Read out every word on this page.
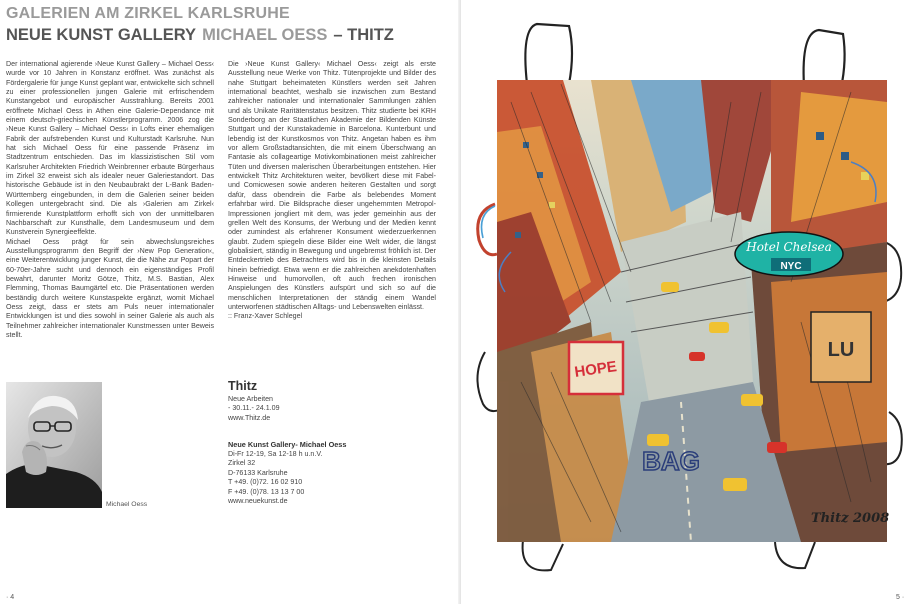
GALERIEN AM ZIRKEL KARLSRUHE
NEUE KUNST GALLERY MICHAEL OESS – THITZ

Der international agierende ›Neue Kunst Gallery – Michael Oess‹ wurde vor 10 Jahren in Konstanz eröffnet. Was zunächst als Fördergalerie für junge Kunst geplant war, entwickelte sich schnell zu einer professionellen jungen Galerie mit erfrischendem Kunstangebot und europäischer Ausstrahlung. Bereits 2001 eröffnete Michael Oess in Athen eine Galerie-Dependance mit einem deutsch-griechischen Künstlerprogramm. 2006 zog die ›Neue Kunst Gallery – Michael Oess‹ in Lofts einer ehemaligen Fabrik der aufstrebenden Kunst und Kulturstadt Karlsruhe. Nun hat sich Michael Oess für eine passende Präsenz im Stadtzentrum entschieden. Das im klassizistischen Stil vom Karlsruher Architekten Friedrich Weinbrenner erbaute Bürgerhaus im Zirkel 32 erweist sich als idealer neuer Galeriestandort. Das historische Gebäude ist in den Neubaubrakt der L-Bank Baden-Württemberg eingebunden, in dem die Galerien seiner beiden Kollegen untergebracht sind. Die als ›Galerien am Zirkel‹ firmierende Kunstplattform erhofft sich von der unmittelbaren Nachbarschaft zur Kunsthalle, dem Landesmuseum und dem Kunstverein Synergieeffekte.

Michael Oess prägt für sein abwechslungsreiches Ausstellungsprogramm den Begriff der ›New Pop Generation‹, eine Weiterentwicklung junger Kunst, die die Nähe zur Popart der 60-70er-Jahre sucht und dennoch ein eigenständiges Profil bewahrt, darunter Moritz Götze, Thitz, M.S. Bastian, Alex Flemming, Thomas Baumgärtel etc. Die Präsentationen werden beständig durch weitere Kunstaspekte ergänzt, womit Michael Oess zeigt, dass er stets am Puls neuer internationaler Entwicklungen ist und dies sowohl in seiner Galerie als auch als Teilnehmer zahlreicher internationaler Kunstmessen unter Beweis stellt.

Die ›Neue Kunst Gallery‹ Michael Oess‹ zeigt als erste Ausstellung neue Werke von Thitz. Tütenprojekte und Bilder des nahe Stuttgart beheimateten Künstlers werden seit Jahren international beachtet, weshalb sie inzwischen zum Bestand zahlreicher nationaler und internationaler Sammlungen zählen und als Unikate Raritätenstatus besitzen. Thitz studierte bei KRH Sonderborg an der Staatlichen Akademie der Bildenden Künste Stuttgart und der Kunstakademie in Barcelona. Kunterbunt und lebendig ist der Kunstkosmos von Thitz. Angetan haben es ihm vor allem Großstadtansichten, die mit einem Überschwang an Fantasie als collageartige Motivkombinationen meist zahlreicher Tüten und diversen malerischen Überarbeitungen entstehen. Hier entwickelt Thitz Architekturen weiter, bevölkert diese mit Fabel- und Comicwesen sowie anderen heiteren Gestalten und sorgt dafür, dass obendrein die Farbe als belebendes Moment erfahrbar wird. Die Bildsprache dieser ungehemmten Metropol-Impressionen jongliert mit dem, was jeder gemeinhin aus der grellen Welt des Konsums, der Werbung und der Medien kennt oder zumindest als erfahrener Konsument wiederzuerkennen glaubt. Zudem spiegeln diese Bilder eine Welt wider, die längst globalisiert, ständig in Bewegung und ungebremst fröhlich ist. Der Entdeckertrieb des Betrachters wird bis in die kleinsten Details hinein befriedigt. Etwa wenn er die zahlreichen anekdotenhaften Hinweise und humorvollen, oft auch frechen ironischen Anspielungen des Künstlers aufspürt und sich so auf die menschlichen Interpretationen der ständig einem Wandel unterworfenen städtischen Alltags- und Lebenswelten einlässt.

:: Franz-Xaver Schlegel

Michael Oess
Thitz
Neue Arbeiten
- 30.11.- 24.1.09
www.Thitz.de
Neue Kunst Gallery- Michael Oess
Di-Fr 12-19, Sa 12-18 h u.n.V.
Zirkel 32
D-76133 Karlsruhe
T +49. (0)72. 16 02 910
F +49. (0)78. 13 13 7 00
www.neuekunst.de
· 4	5 ·
Hotel Chelsea
NYC
HOPE
LU
BAG
Thitz 2008
